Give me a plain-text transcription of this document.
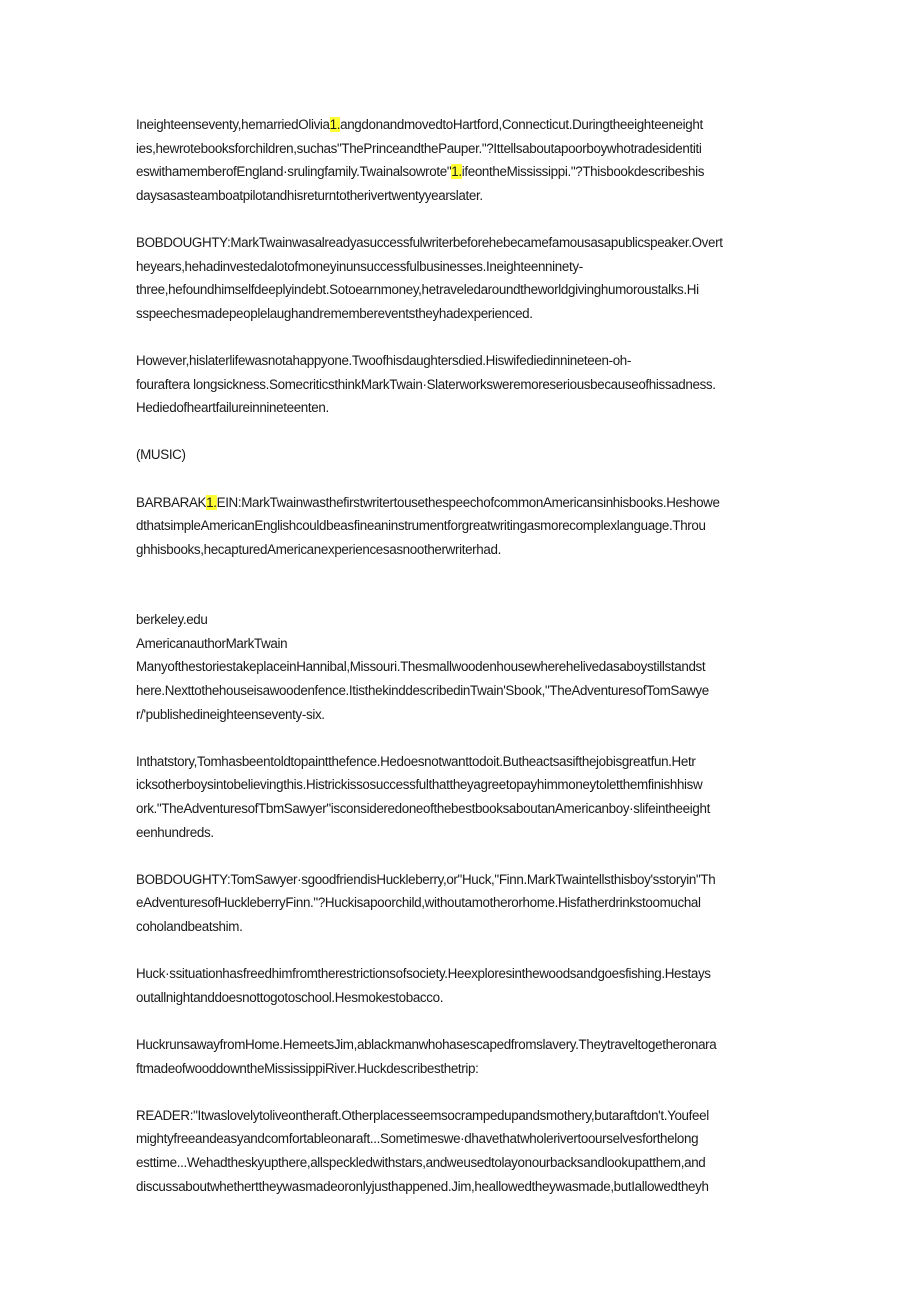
Ineighteenseventy,hemarriedOlivia1.angdonandmovedtoHartford,Connecticut.Duringtheeighteeneight
ies,hewrotebooksforchildren,suchas"ThePrinceandthePauper."?Ittellsaboutapoorboywhotradesidentiti
eswithamemberofEngland·srulingfamily.Twainalsowrote"1.ifeontheMississippi."?Thisbookdescribeshis
daysasasteamboatpilotandhisreturntotherivertwentyyearslater.

BOBDOUGHTY:MarkTwainwasalreadyasuccessfulwriterbeforehebecamefamousasapublicspeaker.Overt
heyears,hehadinvestedalotofmoneyinunsuccessfulbusinesses.Ineighteenninety-
three,hefoundhimselfdeeplyindebt.Sotoearnmoney,hetraveledaroundtheworldgivinghumoroustalks.Hi
sspeechesmadepeoplelaughandremembereventstheyhadexperienced.

However,hislaterlifewasnotahappyone.Twoofhisdaughtersdied.Hiswifediedinnineteen-oh-
fouraftera longsickness.SomecriticsthinkMarkTwain·Slaterworksweremoreseriousbecauseofhissadness.
Hediedofheartfailureinnineteenten.

(MUSIC)

BARBARAK1.EIN:MarkTwainwasthefirstwritertousethespeechofcommonAmericansinhisbooks.Heshowe
dthatsimpleAmericanEnglishcouldbeasfineaninstrumentforgreatwritingasmorecomplexlanguage.Throu
ghhisbooks,hecapturedAmericanexperiencesasnootherwriterhad.

berkeley.edu
AmericanauthorMarkTwain
ManyofthestoriestakeplaceinHannibal,Missouri.Thesmallwoodenhousewherehelivedasaboystillstandst
here.Nexttothehouseisawoodenfence.ItisthekinddescribedinTwain'Sbook,"TheAdventuresofTomSawye
r/'publishedineighteenseventy-six.

Inthatstory,Tomhasbeentoldtopaintthefence.Hedoesnotwanttodoit.Butheactsasifthejobisgreatfun.Hetr
icksotherboysintobelievingthis.Histrickissosuccessfulthattheyagreetopayhimmoneytoletthemfinishhisw
ork."TheAdventuresofTbmSawyer"isconsideredoneofthebestbooksaboutanAmericanboy·slifeintheeight
eenhundreds.

BOBDOUGHTY:TomSawyer·sgoodfriendisHuckleberry,or"Huck,"Finn.MarkTwaintellsthisboy'sstoryin"Th
eAdventuresofHuckleberryFinn."?Huckisapoorchild,withoutamotherorhome.Hisfatherdrinkstoomuchal
coholandbeatshim.

Huck·ssituationhasfreedhimfromtherestrictionsofsociety.Heexploresinthewoodsandgoesfishing.Hestays
outallnightanddoesnottogotoschool.Hesmokestobacco.

HuckrunsawayfromHome.HemeetsJim,ablackmanwhohasescapedfromslavery.Theytraveltogetheronara
ftmadeofwooddowntheMississippiRiver.Huckdescribesthetrip:

READER:"Itwaslovelytoliveontheraft.Otherplacesseemsocrampedupandsmothery,butaraftdon't.Youfeel
mightyfreeandeasyandcomfortableonaraft...Sometimeswe·dhavethatwholerivertoourselvesforthelong
esttime...Wehadtheskyupthere,allspeckledwithstars,andweusedtolayonourbacksandlookupatthem,and
discussaboutwhetherttheywasmadeoronlyjusthappened.Jim,heallowedtheywasmade,butIallowedtheyh
